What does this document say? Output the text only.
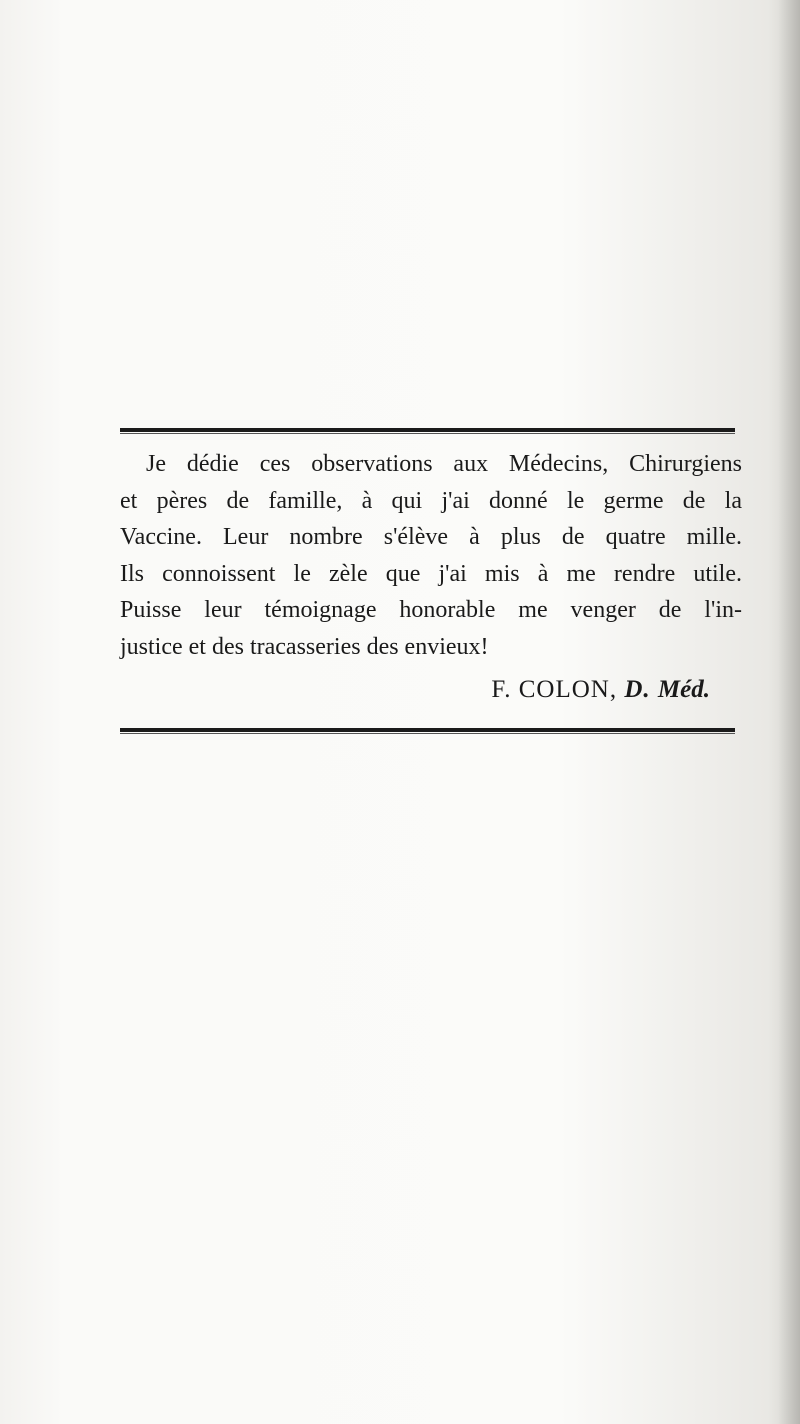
Je dédie ces observations aux Médecins, Chirurgiens
et pères de famille, à qui j'ai donné le germe de la
Vaccine. Leur nombre s'élève à plus de quatre mille.
Ils connoissent le zèle que j'ai mis à me rendre utile.
Puisse leur témoignage honorable me venger de l'in-
justice et des tracasseries des envieux!

F. COLON, D. Méd.
